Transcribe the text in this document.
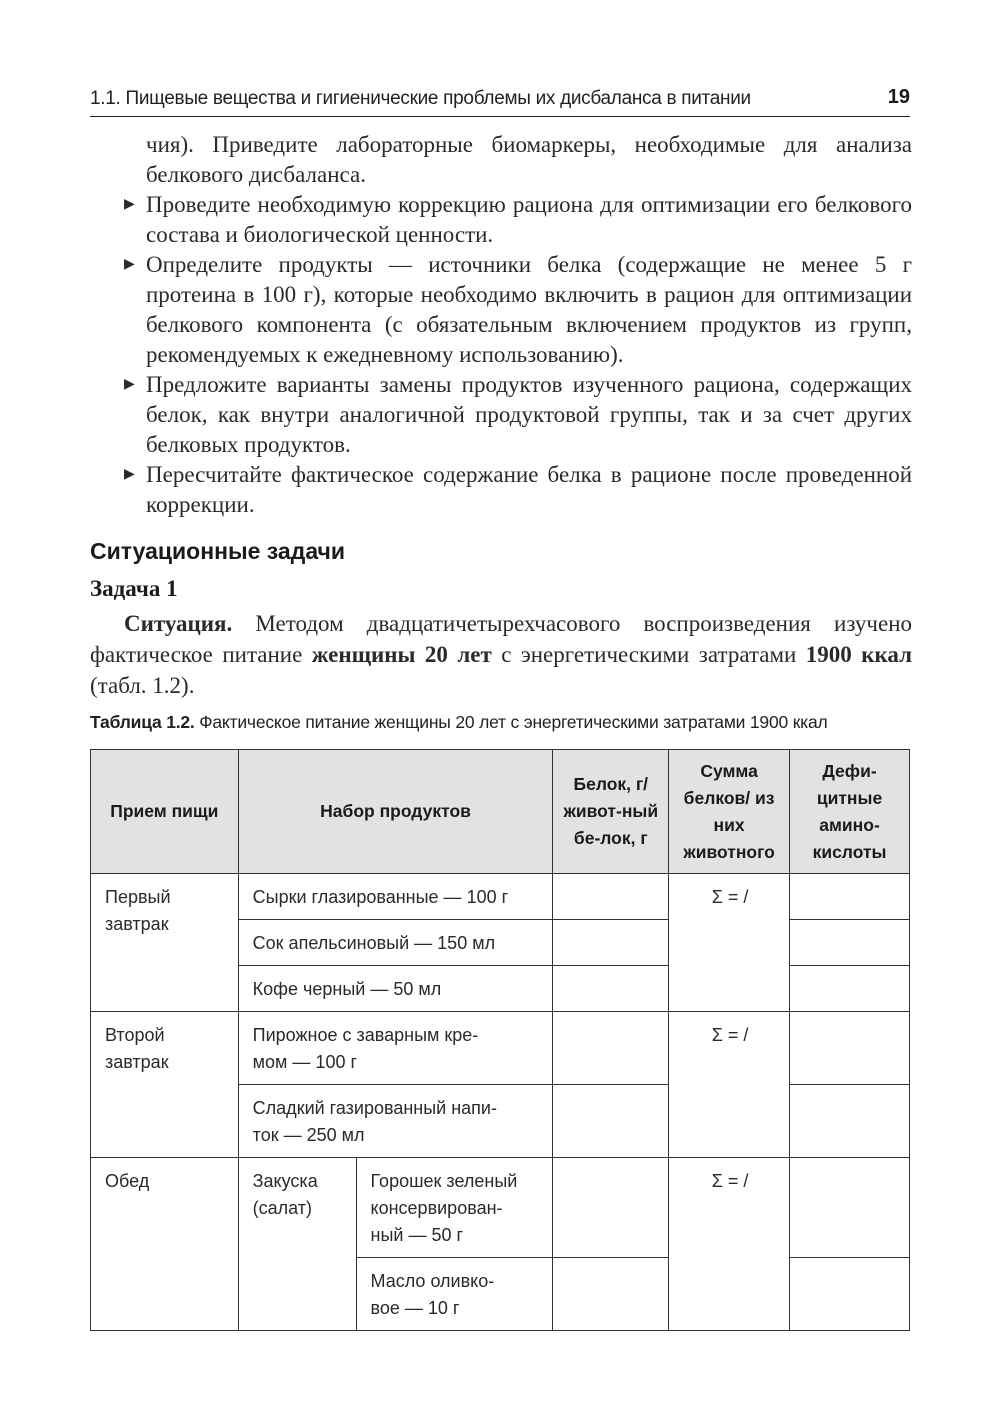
1.1. Пищевые вещества и гигиенические проблемы их дисбаланса в питании	19

чия). Приведите лабораторные биомаркеры, необходимые для анализа белкового дисбаланса.

▶ Проведите необходимую коррекцию рациона для оптимизации его белкового состава и биологической ценности.
▶ Определите продукты — источники белка (содержащие не менее 5 г протеина в 100 г), которые необходимо включить в рацион для оптимизации белкового компонента (с обязательным включением продуктов из групп, рекомендуемых к ежедневному использованию).
▶ Предложите варианты замены продуктов изученного рациона, содержащих белок, как внутри аналогичной продуктовой группы, так и за счет других белковых продуктов.
▶ Пересчитайте фактическое содержание белка в рационе после проведенной коррекции.
Ситуационные задачи
Задача 1

Ситуация. Методом двадцатичетырехчасового воспроизведения изучено фактическое питание женщины 20 лет с энергетическими затратами 1900 ккал (табл. 1.2).

Таблица 1.2. Фактическое питание женщины 20 лет с энергетическими затратами 1900 ккал
Прием пищи	Набор продуктов		Белок, г/живот-ный бе-лок, г	Сумма белков/ из них животного	Дефи-цитные амино-кислоты

Первый завтрак	Сырки глазированные — 100 г			Σ = /	

	Сок апельсиновый — 150 мл				

	Кофе черный — 50 мл				

Второй завтрак	Пирожное с заварным кре-мом — 100 г			Σ = /	

	Сладкий газированный напи-ток — 250 мл				

Обед	Закуска (салат)	Горошек зеленый консервирован-ный — 50 г		Σ = /	

		Масло оливко-вое — 10 г			
